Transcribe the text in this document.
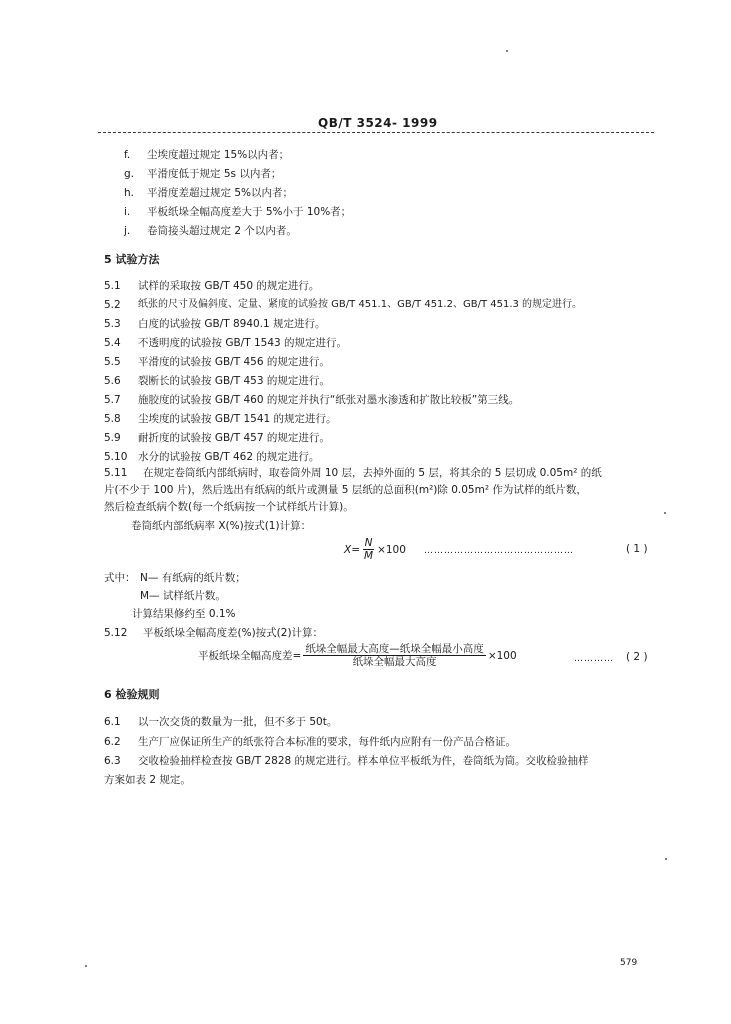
QB/T 3524- 1999
f. 尘埃度超过规定 15%以内者；
g. 平滑度低于规定 5s 以内者；
h. 平滑度差超过规定 5%以内者；
i. 平板纸垛全幅高度差大于 5%小于 10%者；
j. 卷筒接头超过规定 2 个以内者。
5 试验方法
5.1 试样的采取按 GB/T 450 的规定进行。
5.2 纸张的尺寸及偏斜度、定量、紧度的试验按 GB/T 451.1、GB/T 451.2、GB/T 451.3 的规定进行。
5.3 白度的试验按 GB/T 8940.1 规定进行。
5.4 不透明度的试验按 GB/T 1543 的规定进行。
5.5 平滑度的试验按 GB/T 456 的规定进行。
5.6 裂断长的试验按 GB/T 453 的规定进行。
5.7 施胶度的试验按 GB/T 460 的规定并执行“纸张对墨水渗透和扩散比较板”第三线。
5.8 尘埃度的试验按 GB/T 1541 的规定进行。
5.9 耐折度的试验按 GB/T 457 的规定进行。
5.10 水分的试验按 GB/T 462 的规定进行。
5.11 在规定卷筒纸内部纸病时，取卷筒外周 10 层，去掉外面的 5 层，将其余的 5 层切成 0.05m² 的纸
片(不少于 100 片)，然后选出有纸病的纸片或测量 5 层纸的总面积(m²)除 0.05m² 作为试样的纸片数，
然后检查纸病个数(每一个纸病按一个试样纸片计算)。
卷筒纸内部纸病率 X(%)按式(1)计算：
$X= \frac{N}{M} \times 100$ ………………………………………	( 1 )
式中： N— 有纸病的纸片数；
M— 试样纸片数。
计算结果修约至 0.1%
5.12 平板纸垛全幅高度差(%)按式(2)计算：
平板纸垛全幅高度差= $\frac{\text{纸垛全幅最大高度—纸垛全幅最小高度}}{\text{纸垛全幅最大高度}} \times 100$	………… ( 2 )
6 检验规则
6.1 以一次交货的数量为一批，但不多于 50t。
6.2 生产厂应保证所生产的纸张符合本标准的要求，每件纸内应附有一份产品合格证。
6.3 交收检验抽样检查按 GB/T 2828 的规定进行。样本单位平板纸为件，卷筒纸为筒。交收检验抽样
方案如表 2 规定。
579
